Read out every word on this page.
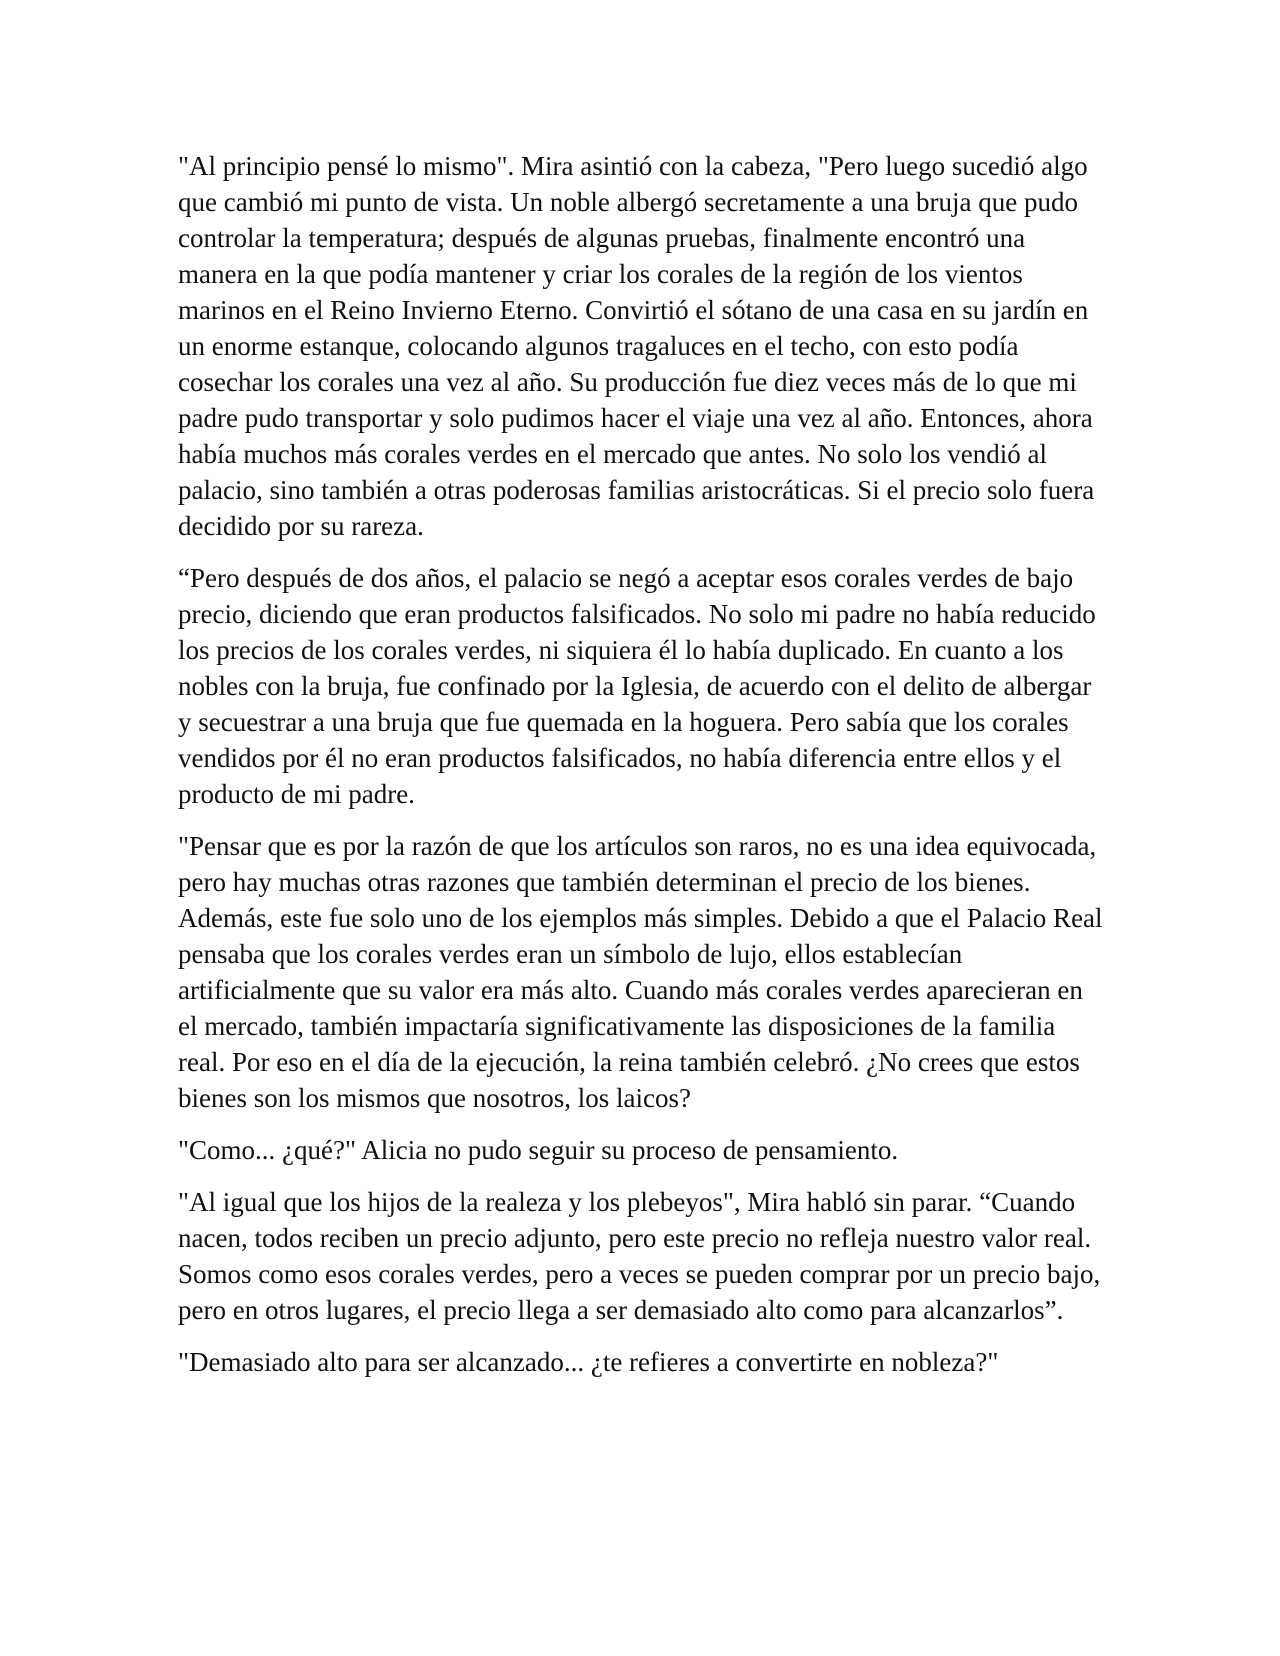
"Al principio pensé lo mismo". Mira asintió con la cabeza, "Pero luego sucedió algo que cambió mi punto de vista. Un noble albergó secretamente a una bruja que pudo controlar la temperatura; después de algunas pruebas, finalmente encontró una manera en la que podía mantener y criar los corales de la región de los vientos marinos en el Reino Invierno Eterno. Convirtió el sótano de una casa en su jardín en un enorme estanque, colocando algunos tragaluces en el techo, con esto podía cosechar los corales una vez al año. Su producción fue diez veces más de lo que mi padre pudo transportar y solo pudimos hacer el viaje una vez al año. Entonces, ahora había muchos más corales verdes en el mercado que antes. No solo los vendió al palacio, sino también a otras poderosas familias aristocráticas. Si el precio solo fuera decidido por su rareza.

“Pero después de dos años, el palacio se negó a aceptar esos corales verdes de bajo precio, diciendo que eran productos falsificados. No solo mi padre no había reducido los precios de los corales verdes, ni siquiera él lo había duplicado. En cuanto a los nobles con la bruja, fue confinado por la Iglesia, de acuerdo con el delito de albergar y secuestrar a una bruja que fue quemada en la hoguera. Pero sabía que los corales vendidos por él no eran productos falsificados, no había diferencia entre ellos y el producto de mi padre.

"Pensar que es por la razón de que los artículos son raros, no es una idea equivocada, pero hay muchas otras razones que también determinan el precio de los bienes. Además, este fue solo uno de los ejemplos más simples. Debido a que el Palacio Real pensaba que los corales verdes eran un símbolo de lujo, ellos establecían artificialmente que su valor era más alto. Cuando más corales verdes aparecieran en el mercado, también impactaría significativamente las disposiciones de la familia real. Por eso en el día de la ejecución, la reina también celebró. ¿No crees que estos bienes son los mismos que nosotros, los laicos?

"Como... ¿qué?" Alicia no pudo seguir su proceso de pensamiento.

"Al igual que los hijos de la realeza y los plebeyos", Mira habló sin parar. “Cuando nacen, todos reciben un precio adjunto, pero este precio no refleja nuestro valor real. Somos como esos corales verdes, pero a veces se pueden comprar por un precio bajo, pero en otros lugares, el precio llega a ser demasiado alto como para alcanzarlos”.

"Demasiado alto para ser alcanzado... ¿te refieres a convertirte en nobleza?"
